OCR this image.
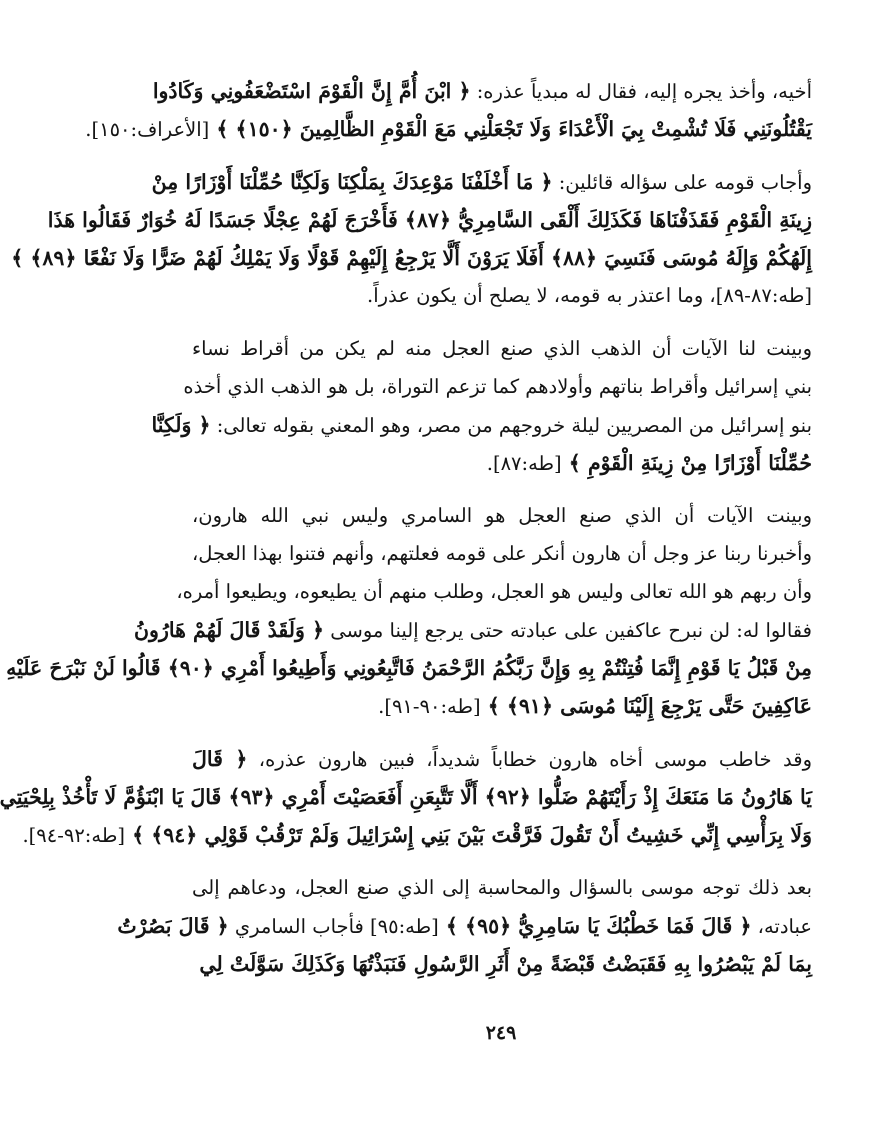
أخيه، وأخذ يجره إليه، فقال له مبدياً عذره: ﴿ ابْنَ أُمَّ إِنَّ الْقَوْمَ اسْتَضْعَفُونِي وَكَادُوا
يَقْتُلُونَنِي فَلَا تُشْمِتْ بِيَ الْأَعْدَاءَ وَلَا تَجْعَلْنِي مَعَ الْقَوْمِ الظَّالِمِينَ ﴿١٥٠﴾ ﴾ [الأعراف:١٥٠].
وأجاب قومه على سؤاله قائلين: ﴿ مَا أَخْلَفْنَا مَوْعِدَكَ بِمَلْكِنَا وَلَكِنَّا حُمِّلْنَا أَوْزَارًا مِنْ
زِينَةِ الْقَوْمِ فَقَذَفْنَاهَا فَكَذَلِكَ أَلْقَى السَّامِرِيُّ ﴿٨٧﴾ فَأَخْرَجَ لَهُمْ عِجْلًا جَسَدًا لَهُ خُوَارٌ فَقَالُوا هَذَا
إِلَهُكُمْ وَإِلَهُ مُوسَى فَنَسِيَ ﴿٨٨﴾ أَفَلَا يَرَوْنَ أَلَّا يَرْجِعُ إِلَيْهِمْ قَوْلًا وَلَا يَمْلِكُ لَهُمْ ضَرًّا وَلَا نَفْعًا ﴿٨٩﴾ ﴾
[طه:٨٧-٨٩]، وما اعتذر به قومه، لا يصلح أن يكون عذراً.
وبينت لنا الآيات أن الذهب الذي صنع العجل منه لم يكن من أقراط نساء
بني إسرائيل وأقراط بناتهم وأولادهم كما تزعم التوراة، بل هو الذهب الذي أخذه
بنو إسرائيل من المصريين ليلة خروجهم من مصر، وهو المعني بقوله تعالى: ﴿ وَلَكِنَّا
حُمِّلْنَا أَوْزَارًا مِنْ زِينَةِ الْقَوْمِ ﴾ [طه:٨٧].
وبينت الآيات أن الذي صنع العجل هو السامري وليس نبي الله هارون،
وأخبرنا ربنا عز وجل أن هارون أنكر على قومه فعلتهم، وأنهم فتنوا بهذا العجل،
وأن ربهم هو الله تعالى وليس هو العجل، وطلب منهم أن يطيعوه، ويطيعوا أمره،
فقالوا له: لن نبرح عاكفين على عبادته حتى يرجع إلينا موسى ﴿ وَلَقَدْ قَالَ لَهُمْ هَارُونُ
مِنْ قَبْلُ يَا قَوْمِ إِنَّمَا فُتِنْتُمْ بِهِ وَإِنَّ رَبَّكُمُ الرَّحْمَنُ فَاتَّبِعُونِي وَأَطِيعُوا أَمْرِي ﴿٩٠﴾ قَالُوا لَنْ نَبْرَحَ عَلَيْهِ
عَاكِفِينَ حَتَّى يَرْجِعَ إِلَيْنَا مُوسَى ﴿٩١﴾ ﴾ [طه:٩٠-٩١].
وقد خاطب موسى أخاه هارون خطاباً شديداً، فبين هارون عذره، ﴿ قَالَ
يَا هَارُونُ مَا مَنَعَكَ إِذْ رَأَيْتَهُمْ ضَلُّوا ﴿٩٢﴾ أَلَّا تَتَّبِعَنِ أَفَعَصَيْتَ أَمْرِي ﴿٩٣﴾ قَالَ يَا ابْنَؤُمَّ لَا تَأْخُذْ بِلِحْيَتِي
وَلَا بِرَأْسِي إِنِّي خَشِيتُ أَنْ تَقُولَ فَرَّقْتَ بَيْنَ بَنِي إِسْرَائِيلَ وَلَمْ تَرْقُبْ قَوْلِي ﴿٩٤﴾ ﴾ [طه:٩٢-٩٤].
بعد ذلك توجه موسى بالسؤال والمحاسبة إلى الذي صنع العجل، ودعاهم إلى
عبادته، ﴿ قَالَ فَمَا خَطْبُكَ يَا سَامِرِيُّ ﴿٩٥﴾ ﴾ [طه:٩٥] فأجاب السامري ﴿ قَالَ بَصُرْتُ
بِمَا لَمْ يَبْصُرُوا بِهِ فَقَبَضْتُ قَبْضَةً مِنْ أَثَرِ الرَّسُولِ فَنَبَذْتُهَا وَكَذَلِكَ سَوَّلَتْ لِي
٢٤٩
